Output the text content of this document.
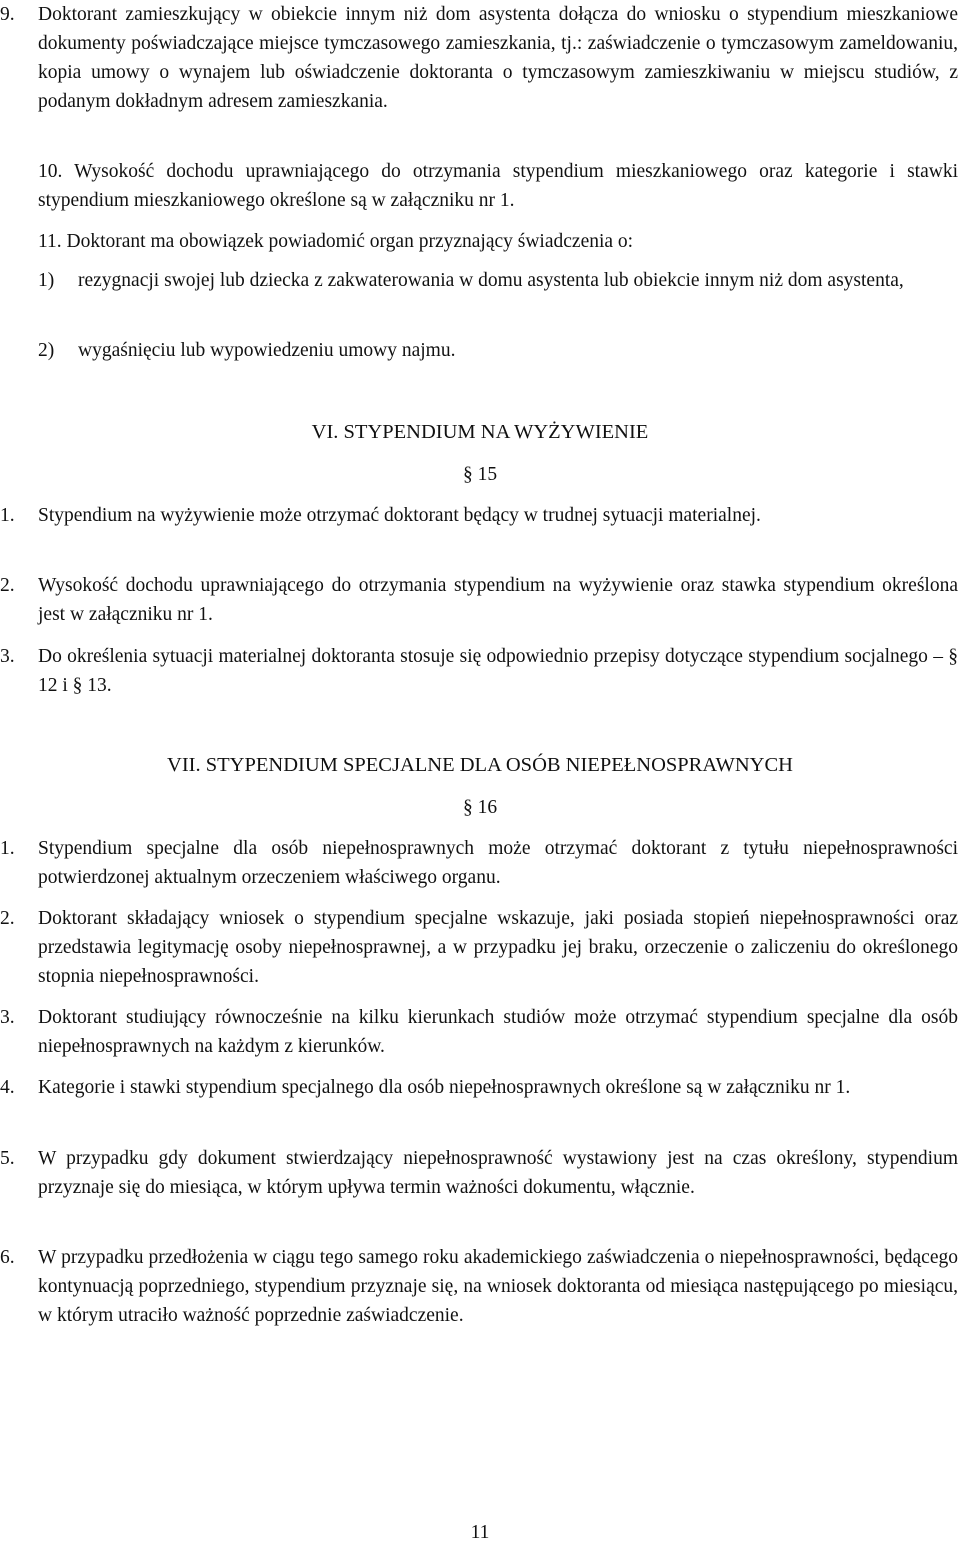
9. Doktorant zamieszkujący w obiekcie innym niż dom asystenta dołącza do wniosku o stypendium mieszkaniowe dokumenty poświadczające miejsce tymczasowego zamieszkania, tj.: zaświadczenie o tymczasowym zameldowaniu, kopia umowy o wynajem lub oświadczenie doktoranta o tymczasowym zamieszkiwaniu w miejscu studiów, z podanym dokładnym adresem zamieszkania.
10. Wysokość dochodu uprawniającego do otrzymania stypendium mieszkaniowego oraz kategorie i stawki stypendium mieszkaniowego określone są w załączniku nr 1.
11. Doktorant ma obowiązek powiadomić organ przyznający świadczenia o:
1) rezygnacji swojej lub dziecka z zakwaterowania w domu asystenta lub obiekcie innym niż dom asystenta,
2) wygaśnięciu lub wypowiedzeniu umowy najmu.
VI. STYPENDIUM NA WYŻYWIENIE
§ 15
1. Stypendium na wyżywienie może otrzymać doktorant będący w trudnej sytuacji materialnej.
2. Wysokość dochodu uprawniającego do otrzymania stypendium na wyżywienie oraz stawka stypendium określona jest w załączniku nr 1.
3. Do określenia sytuacji materialnej doktoranta stosuje się odpowiednio przepisy dotyczące stypendium socjalnego – § 12 i § 13.
VII. STYPENDIUM SPECJALNE DLA OSÓB NIEPEŁNOSPRAWNYCH
§ 16
1. Stypendium specjalne dla osób niepełnosprawnych może otrzymać doktorant z tytułu niepełnosprawności potwierdzonej aktualnym orzeczeniem właściwego organu.
2. Doktorant składający wniosek o stypendium specjalne wskazuje, jaki posiada stopień niepełnosprawności oraz przedstawia legitymację osoby niepełnosprawnej, a w przypadku jej braku, orzeczenie o zaliczeniu do określonego stopnia niepełnosprawności.
3. Doktorant studiujący równocześnie na kilku kierunkach studiów może otrzymać stypendium specjalne dla osób niepełnosprawnych na każdym z kierunków.
4. Kategorie i stawki stypendium specjalnego dla osób niepełnosprawnych określone są w załączniku nr 1.
5. W przypadku gdy dokument stwierdzający niepełnosprawność wystawiony jest na czas określony, stypendium przyznaje się do miesiąca, w którym upływa termin ważności dokumentu, włącznie.
6. W przypadku przedłożenia w ciągu tego samego roku akademickiego zaświadczenia o niepełnosprawności, będącego kontynuacją poprzedniego, stypendium przyznaje się, na wniosek doktoranta od miesiąca następującego po miesiącu, w którym utraciło ważność poprzednie zaświadczenie.
11
